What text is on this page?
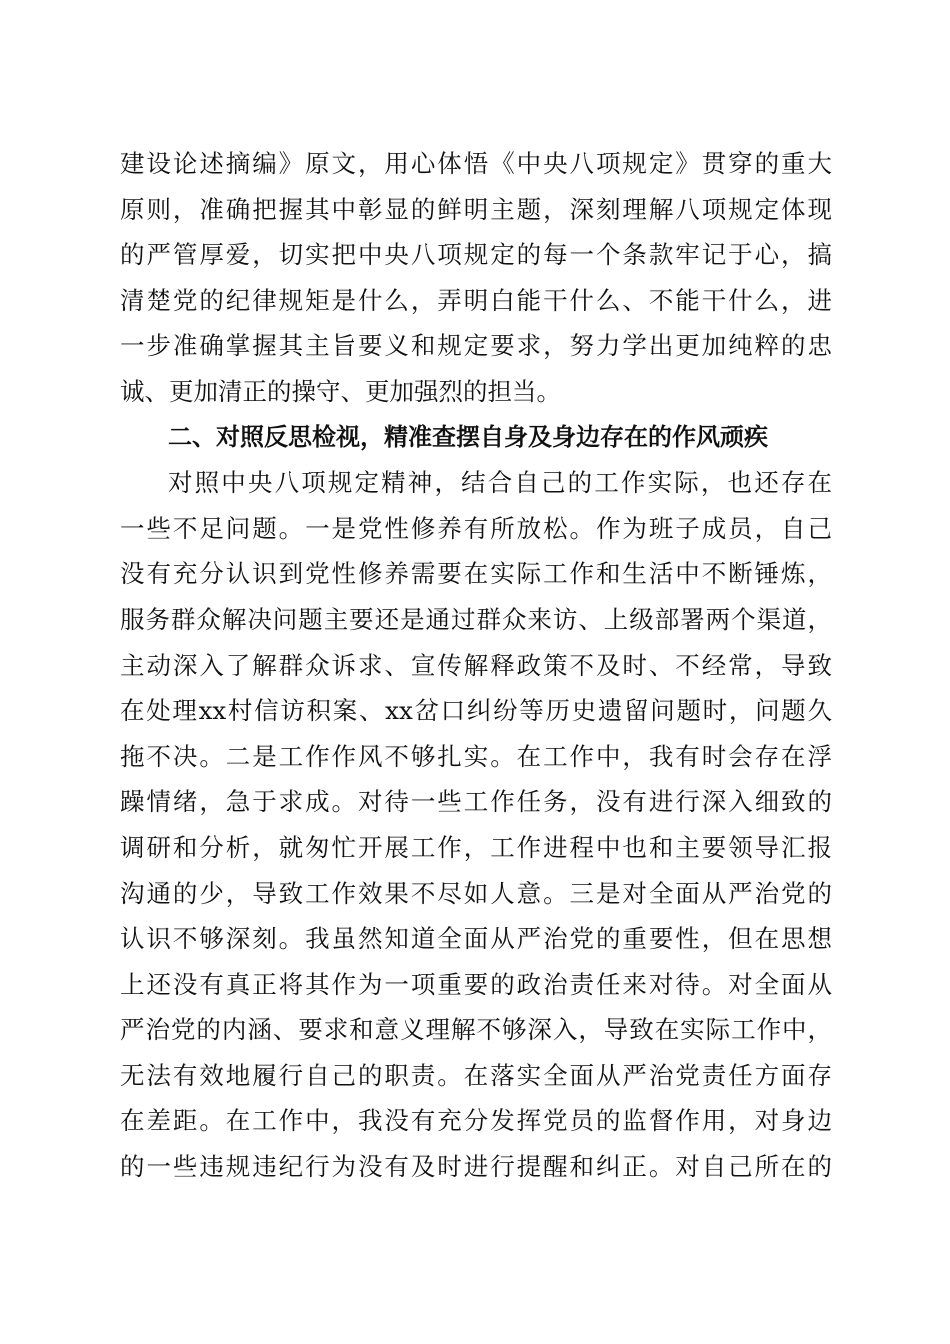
建设论述摘编》原文，用心体悟《中央八项规定》贯穿的重大
原则，准确把握其中彰显的鲜明主题，深刻理解八项规定体现
的严管厚爱，切实把中央八项规定的每一个条款牢记于心，搞
清楚党的纪律规矩是什么，弄明白能干什么、不能干什么，进
一步准确掌握其主旨要义和规定要求，努力学出更加纯粹的忠
诚、更加清正的操守、更加强烈的担当。
二、对照反思检视，精准查摆自身及身边存在的作风顽疾
对照中央八项规定精神，结合自己的工作实际，也还存在
一些不足问题。一是党性修养有所放松。作为班子成员，自己
没有充分认识到党性修养需要在实际工作和生活中不断锤炼，
服务群众解决问题主要还是通过群众来访、上级部署两个渠道，
主动深入了解群众诉求、宣传解释政策不及时、不经常，导致
在处理xx村信访积案、xx岔口纠纷等历史遗留问题时，问题久
拖不决。二是工作作风不够扎实。在工作中，我有时会存在浮
躁情绪，急于求成。对待一些工作任务，没有进行深入细致的
调研和分析，就匆忙开展工作，工作进程中也和主要领导汇报
沟通的少，导致工作效果不尽如人意。三是对全面从严治党的
认识不够深刻。我虽然知道全面从严治党的重要性，但在思想
上还没有真正将其作为一项重要的政治责任来对待。对全面从
严治党的内涵、要求和意义理解不够深入，导致在实际工作中，
无法有效地履行自己的职责。在落实全面从严治党责任方面存
在差距。在工作中，我没有充分发挥党员的监督作用，对身边
的一些违规违纪行为没有及时进行提醒和纠正。对自己所在的
